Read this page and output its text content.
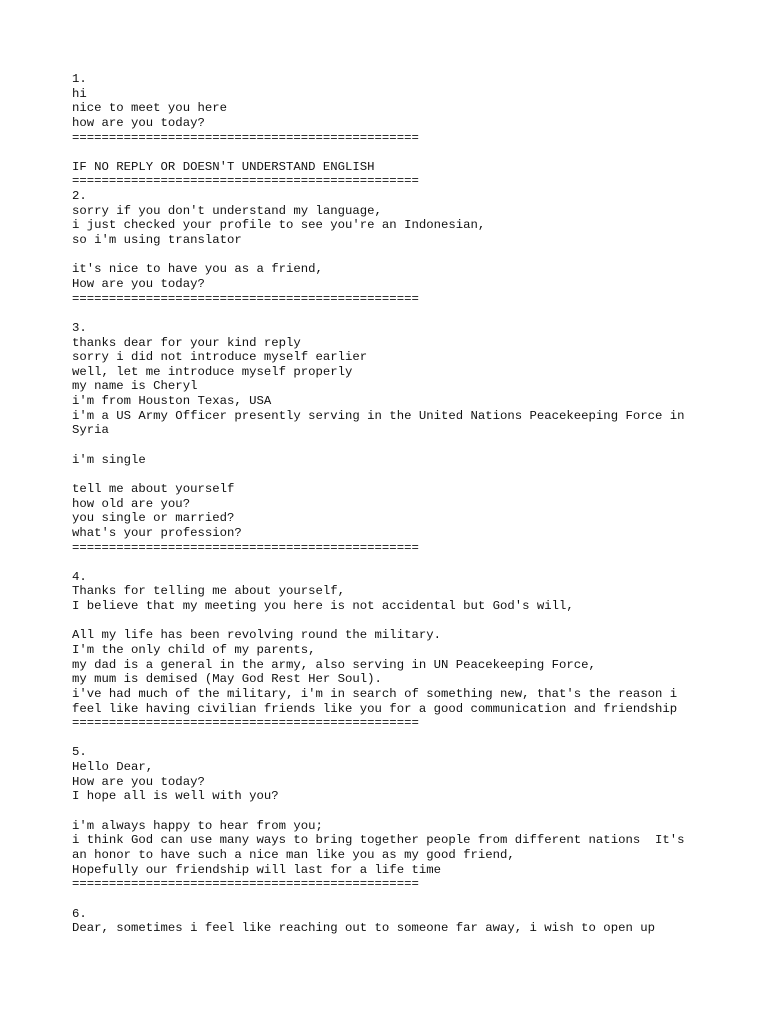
1.
hi
nice to meet you here
how are you today?
===============================================
IF NO REPLY OR DOESN'T UNDERSTAND ENGLISH
===============================================
2.
sorry if you don't understand my language,
i just checked your profile to see you're an Indonesian,
so i'm using translator
it's nice to have you as a friend,
How are you today?
===============================================
3.
thanks dear for your kind reply
sorry i did not introduce myself earlier
well, let me introduce myself properly
my name is Cheryl
i'm from Houston Texas, USA
i'm a US Army Officer presently serving in the United Nations Peacekeeping Force in
Syria
i'm single
tell me about yourself
how old are you?
you single or married?
what's your profession?
===============================================
4.
Thanks for telling me about yourself,
I believe that my meeting you here is not accidental but God's will,
All my life has been revolving round the military.
I'm the only child of my parents,
my dad is a general in the army, also serving in UN Peacekeeping Force,
my mum is demised (May God Rest Her Soul).
i've had much of the military, i'm in search of something new, that's the reason i
feel like having civilian friends like you for a good communication and friendship
===============================================
5.
Hello Dear,
How are you today?
I hope all is well with you?
i'm always happy to hear from you;
i think God can use many ways to bring together people from different nations  It's
an honor to have such a nice man like you as my good friend,
Hopefully our friendship will last for a life time
===============================================
6.
Dear, sometimes i feel like reaching out to someone far away, i wish to open up
